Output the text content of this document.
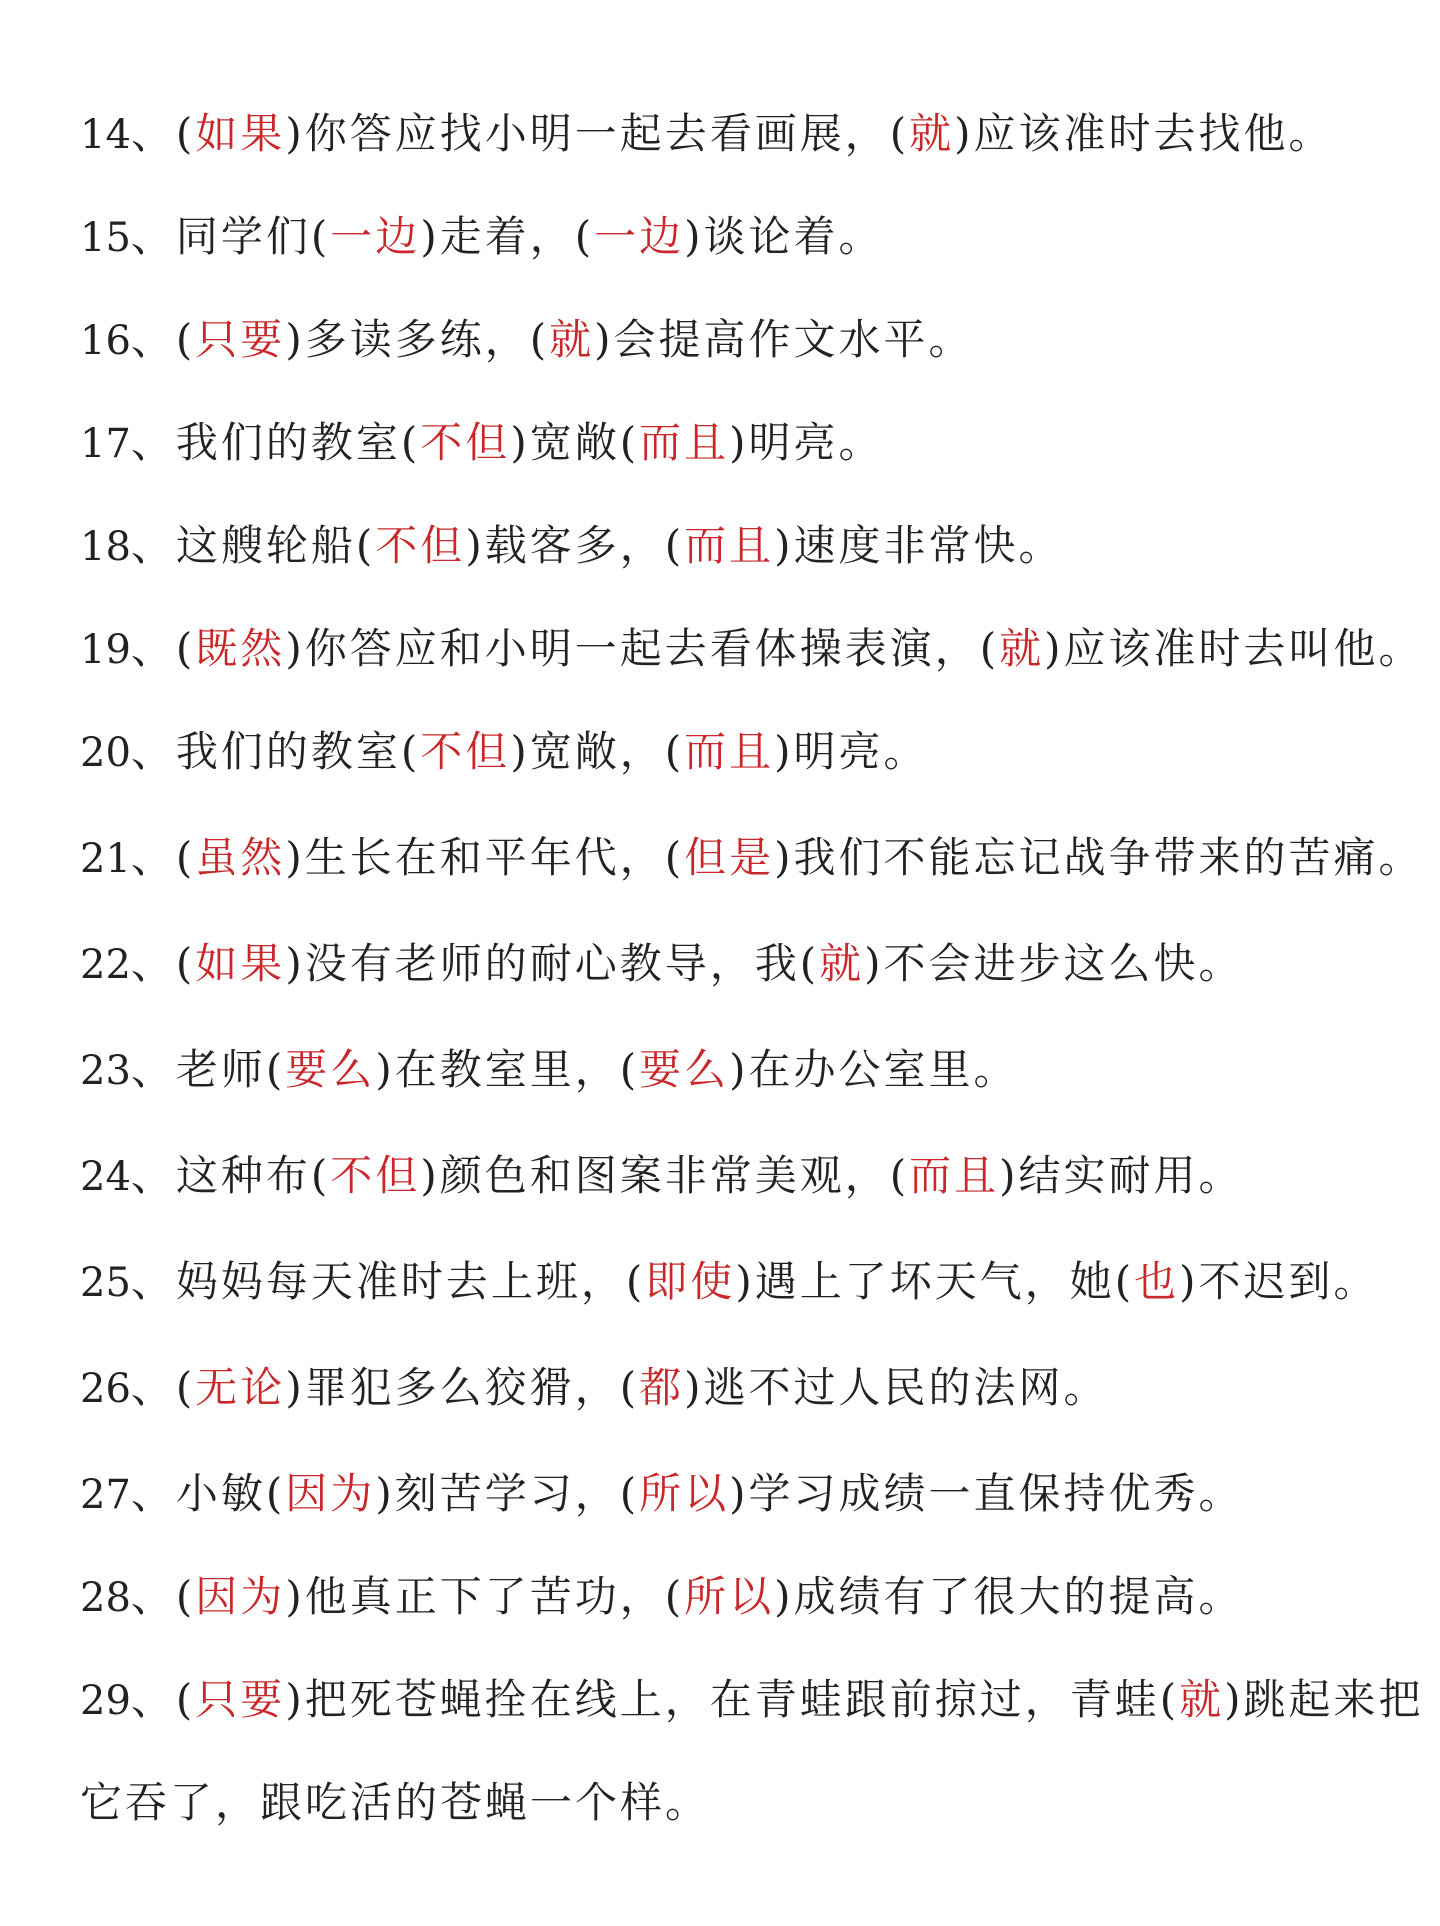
14、(如果)你答应找小明一起去看画展，(就)应该准时去找他。
15、同学们(一边)走着，(一边)谈论着。
16、(只要)多读多练，(就)会提高作文水平。
17、我们的教室(不但)宽敞(而且)明亮。
18、这艘轮船(不但)载客多，(而且)速度非常快。
19、(既然)你答应和小明一起去看体操表演，(就)应该准时去叫他。
20、我们的教室(不但)宽敞，(而且)明亮。
21、(虽然)生长在和平年代，(但是)我们不能忘记战争带来的苦痛。
22、(如果)没有老师的耐心教导，我(就)不会进步这么快。
23、老师(要么)在教室里，(要么)在办公室里。
24、这种布(不但)颜色和图案非常美观，(而且)结实耐用。
25、妈妈每天准时去上班，(即使)遇上了坏天气，她(也)不迟到。
26、(无论)罪犯多么狡猾，(都)逃不过人民的法网。
27、小敏(因为)刻苦学习，(所以)学习成绩一直保持优秀。
28、(因为)他真正下了苦功，(所以)成绩有了很大的提高。
29、(只要)把死苍蝇拴在线上，在青蛙跟前掠过，青蛙(就)跳起来把
它吞了，跟吃活的苍蝇一个样。
